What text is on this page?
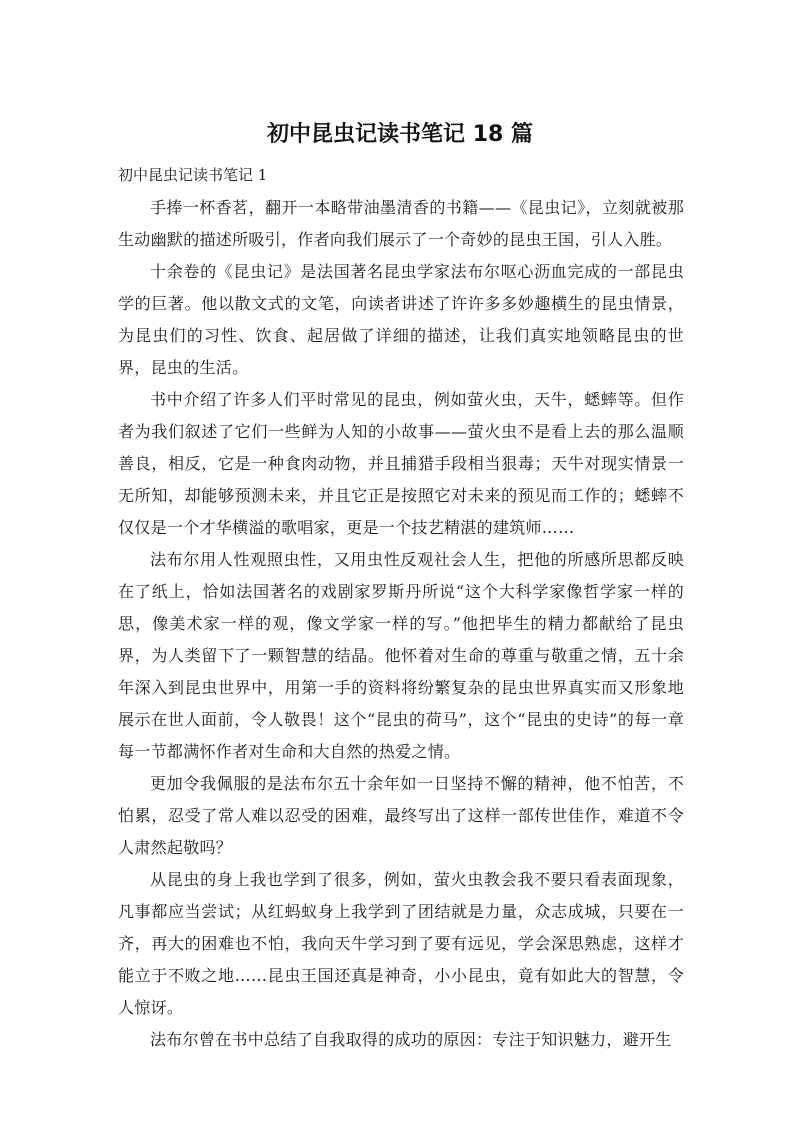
初中昆虫记读书笔记 18 篇
初中昆虫记读书笔记 1

手捧一杯香茗，翻开一本略带油墨清香的书籍——《昆虫记》，立刻就被那生动幽默的描述所吸引，作者向我们展示了一个奇妙的昆虫王国，引人入胜。

十余卷的《昆虫记》是法国著名昆虫学家法布尔呕心沥血完成的一部昆虫学的巨著。他以散文式的文笔，向读者讲述了许许多多妙趣横生的昆虫情景，为昆虫们的习性、饮食、起居做了详细的描述，让我们真实地领略昆虫的世界，昆虫的生活。

书中介绍了许多人们平时常见的昆虫，例如萤火虫，天牛，蟋蟀等。但作者为我们叙述了它们一些鲜为人知的小故事——萤火虫不是看上去的那么温顺善良，相反，它是一种食肉动物，并且捕猎手段相当狠毒；天牛对现实情景一无所知，却能够预测未来，并且它正是按照它对未来的预见而工作的；蟋蟀不仅仅是一个才华横溢的歌唱家，更是一个技艺精湛的建筑师……

法布尔用人性观照虫性，又用虫性反观社会人生，把他的所感所思都反映在了纸上，恰如法国著名的戏剧家罗斯丹所说“这个大科学家像哲学家一样的思，像美术家一样的观，像文学家一样的写。”他把毕生的精力都献给了昆虫界，为人类留下了一颗智慧的结晶。他怀着对生命的尊重与敬重之情，五十余年深入到昆虫世界中，用第一手的资料将纷繁复杂的昆虫世界真实而又形象地展示在世人面前，令人敬畏！这个“昆虫的荷马”，这个“昆虫的史诗”的每一章每一节都满怀作者对生命和大自然的热爱之情。

更加令我佩服的是法布尔五十余年如一日坚持不懈的精神，他不怕苦，不怕累，忍受了常人难以忍受的困难，最终写出了这样一部传世佳作，难道不令人肃然起敬吗？

从昆虫的身上我也学到了很多，例如，萤火虫教会我不要只看表面现象，凡事都应当尝试；从红蚂蚁身上我学到了团结就是力量，众志成城，只要在一齐，再大的困难也不怕，我向天牛学习到了要有远见，学会深思熟虑，这样才能立于不败之地……昆虫王国还真是神奇，小小昆虫，竟有如此大的智慧，令人惊讶。

法布尔曾在书中总结了自我取得的成功的原因：专注于知识魅力，避开生
